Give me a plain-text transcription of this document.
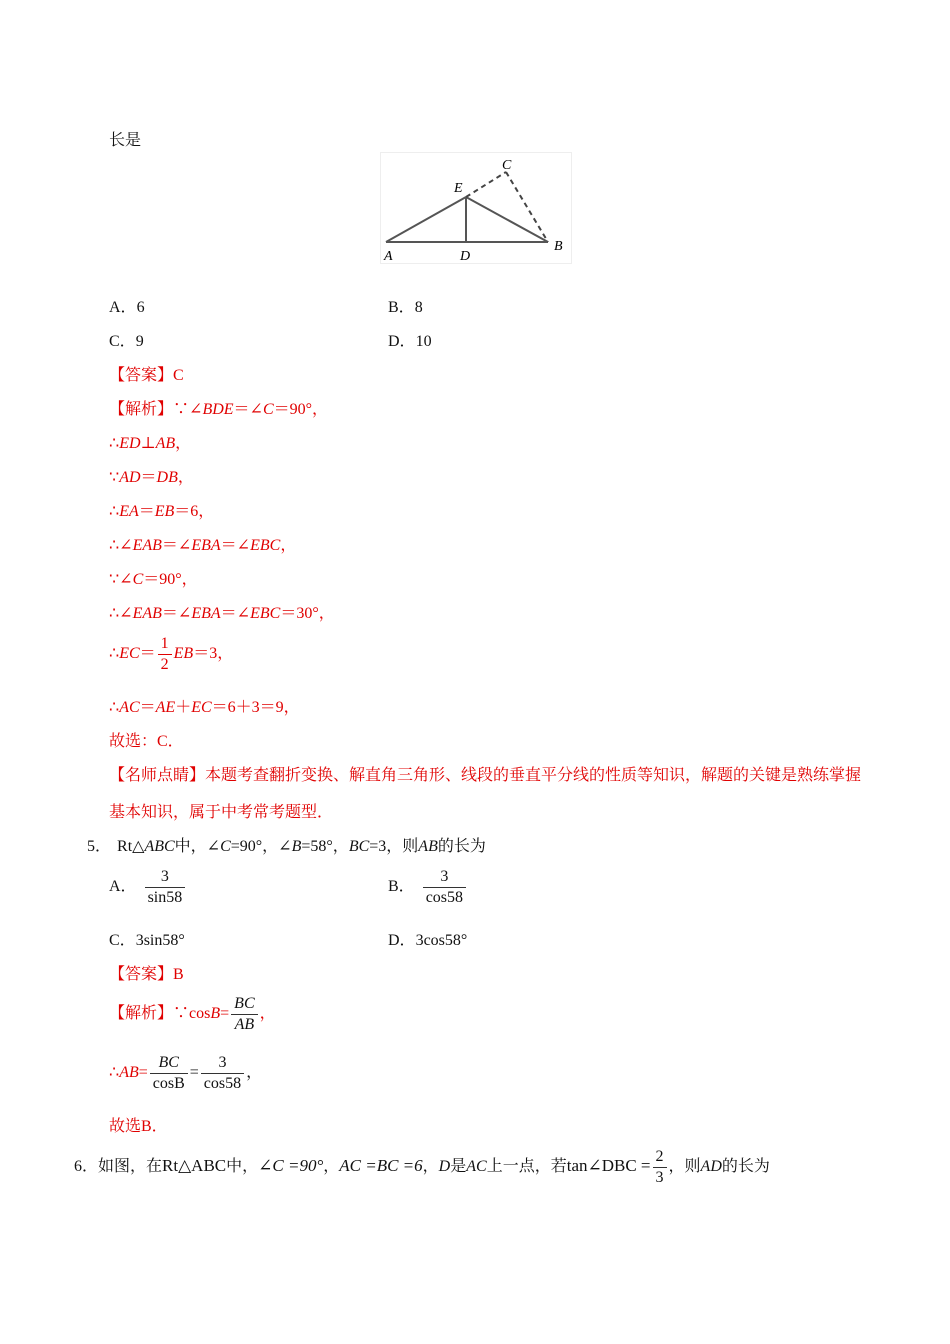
长是
A	D
B
E
C
A．6	B．8
C．9	D．10
【答案】C
【解析】∵∠BDE＝∠C＝90°，
∴ED⊥AB，
∵AD＝DB，
∴EA＝EB＝6，
∴∠EAB＝∠EBA＝∠EBC，
∵∠C＝90°，
∴∠EAB＝∠EBA＝∠EBC＝30°，
∴EC＝ $\frac{1}{2} EB=3$，
∴AC＝AE＋EC＝6＋3＝9，
故选：C．
【名师点睛】本题考查翻折变换、解直角三角形、线段的垂直平分线的性质等知识，解题的关键是熟练掌握
基本知识，属于中考常考题型．
5． Rt△ABC中，∠C=90°，∠B=58°，BC=3，则AB的长为
A． $\frac{3}{\sin 58}$	B． $\frac{3}{\cos 58}$
C．3sin58°	D．3cos58°
【答案】B
【解析】∵cosB= $\frac{BC}{AB}$ ，
∴AB= $\frac{BC}{\cos B} = \frac{3}{\cos 58}$ ，
故选B．
6．如图，在Rt△ABC中，∠C =90°，AC =BC =6，D是AC上一点，若tan∠DBC = $\frac{2}{3}$ ，则AD的长为
